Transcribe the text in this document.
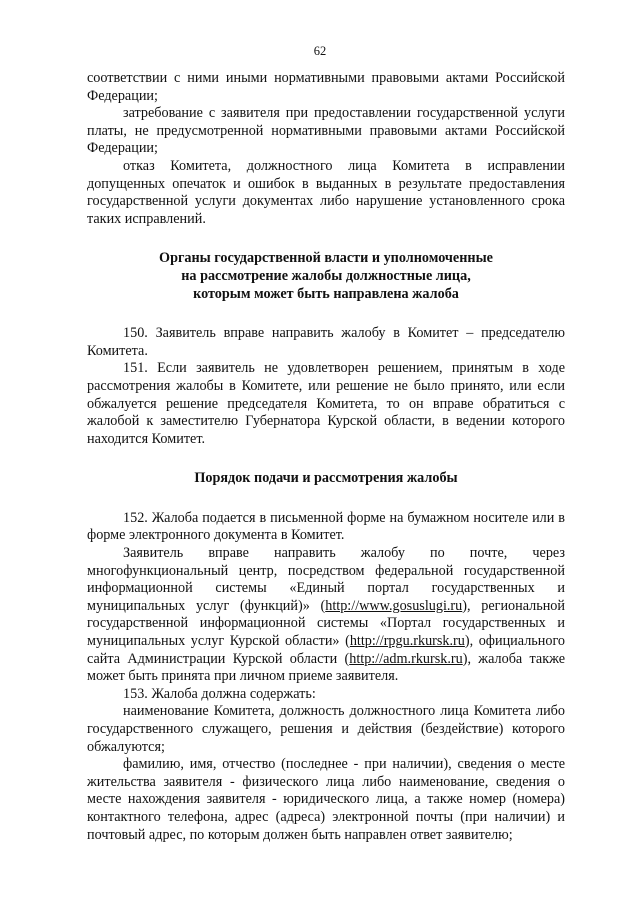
62

соответствии с ними иными нормативными правовыми актами Российской Федерации;

затребование с заявителя при предоставлении государственной услуги платы, не предусмотренной нормативными правовыми актами Российской Федерации;

отказ Комитета, должностного лица Комитета в исправлении допущенных опечаток и ошибок в выданных в результате предоставления государственной услуги документах либо нарушение установленного срока таких исправлений.

Органы государственной власти и уполномоченные
на рассмотрение жалобы должностные лица,
которым может быть направлена жалоба

150. Заявитель вправе направить жалобу в Комитет – председателю Комитета.

151. Если заявитель не удовлетворен решением, принятым в ходе рассмотрения жалобы в Комитете, или решение не было принято, или если обжалуется решение председателя Комитета, то он вправе обратиться с жалобой к заместителю Губернатора Курской области, в ведении которого находится Комитет.

Порядок подачи и рассмотрения жалобы

152. Жалоба подается в письменной форме на бумажном носителе или в форме электронного документа в Комитет.

Заявитель вправе направить жалобу по почте, через многофункциональный центр, посредством федеральной государственной информационной системы «Единый портал государственных и муниципальных услуг (функций)» (http://www.gosuslugi.ru), региональной государственной информационной системы «Портал государственных и муниципальных услуг Курской области» (http://rpgu.rkursk.ru), официального сайта Администрации Курской области (http://adm.rkursk.ru), жалоба также может быть принята при личном приеме заявителя.

153. Жалоба должна содержать:

наименование Комитета, должность должностного лица Комитета либо государственного служащего, решения и действия (бездействие) которого обжалуются;

фамилию, имя, отчество (последнее - при наличии), сведения о месте жительства заявителя - физического лица либо наименование, сведения о месте нахождения заявителя - юридического лица, а также номер (номера) контактного телефона, адрес (адреса) электронной почты (при наличии) и почтовый адрес, по которым должен быть направлен ответ заявителю;
